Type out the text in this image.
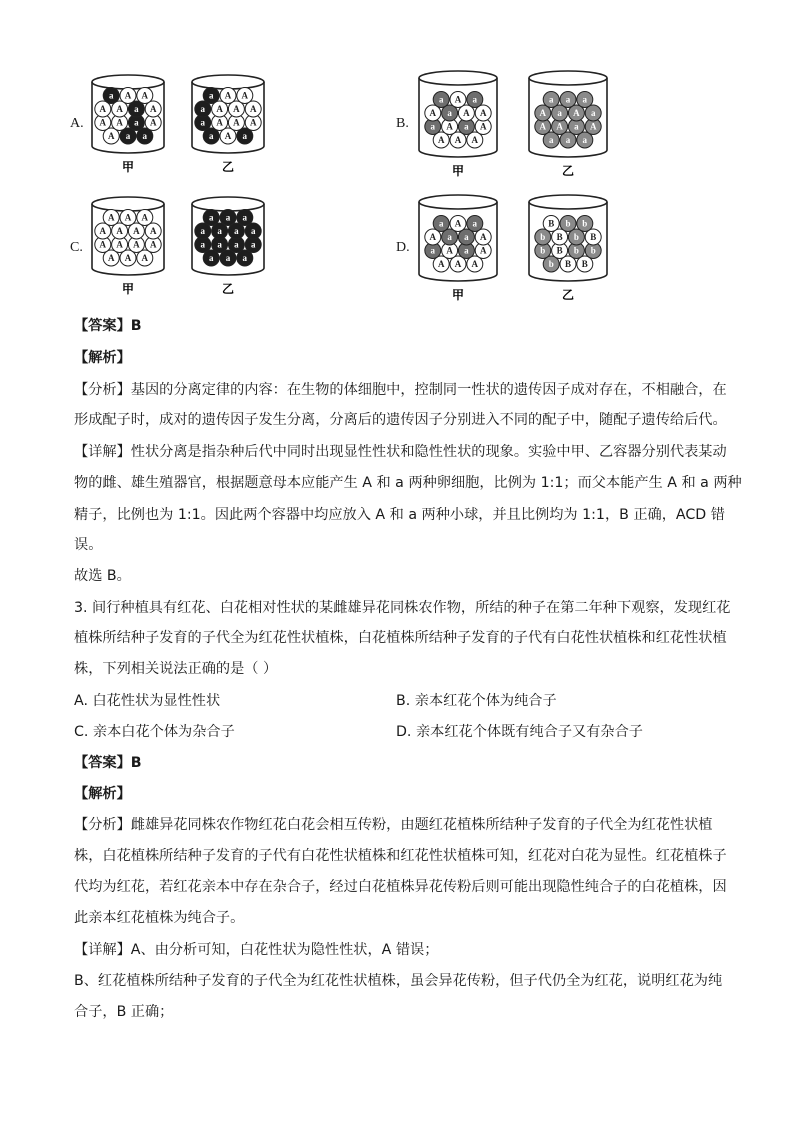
A.
A a a
A A a A
A A a A
a A A
a A a
a A A A
a A A A
a A A
甲	乙
B.
A A A
a A a A
A a A A
a A a
a a a
A A a A
A a A a
a a a
甲	乙
C.
A A A
A A A A
A A A A
A A A
a a a
a a a a
a a a a
a a a
甲	乙
D.
A A A
a A a A
A a a A
a A a
b B B
b B b b
b B b B
B b b
甲	乙
【答案】B
【解析】
【分析】基因的分离定律的内容：在生物的体细胞中，控制同一性状的遗传因子成对存在，不相融合，在
形成配子时，成对的遗传因子发生分离，分离后的遗传因子分别进入不同的配子中，随配子遗传给后代。
【详解】性状分离是指杂种后代中同时出现显性性状和隐性性状的现象。实验中甲、乙容器分别代表某动
物的雌、雄生殖器官，根据题意母本应能产生 A 和 a 两种卵细胞，比例为 1:1；而父本能产生 A 和 a 两种
精子，比例也为 1:1。因此两个容器中均应放入 A 和 a 两种小球，并且比例均为 1:1，B 正确，ACD 错
误。
故选 B。
3. 间行种植具有红花、白花相对性状的某雌雄异花同株农作物，所结的种子在第二年种下观察，发现红花
植株所结种子发育的子代全为红花性状植株，白花植株所结种子发育的子代有白花性状植株和红花性状植
株，下列相关说法正确的是（ ）
A. 白花性状为显性性状	B. 亲本红花个体为纯合子
C. 亲本白花个体为杂合子	D. 亲本红花个体既有纯合子又有杂合子
【答案】B
【解析】
【分析】雌雄异花同株农作物红花白花会相互传粉，由题红花植株所结种子发育的子代全为红花性状植
株，白花植株所结种子发育的子代有白花性状植株和红花性状植株可知，红花对白花为显性。红花植株子
代均为红花，若红花亲本中存在杂合子，经过白花植株异花传粉后则可能出现隐性纯合子的白花植株，因
此亲本红花植株为纯合子。
【详解】A、由分析可知，白花性状为隐性性状，A 错误；
B、红花植株所结种子发育的子代全为红花性状植株，虽会异花传粉，但子代仍全为红花，说明红花为纯
合子，B 正确；
